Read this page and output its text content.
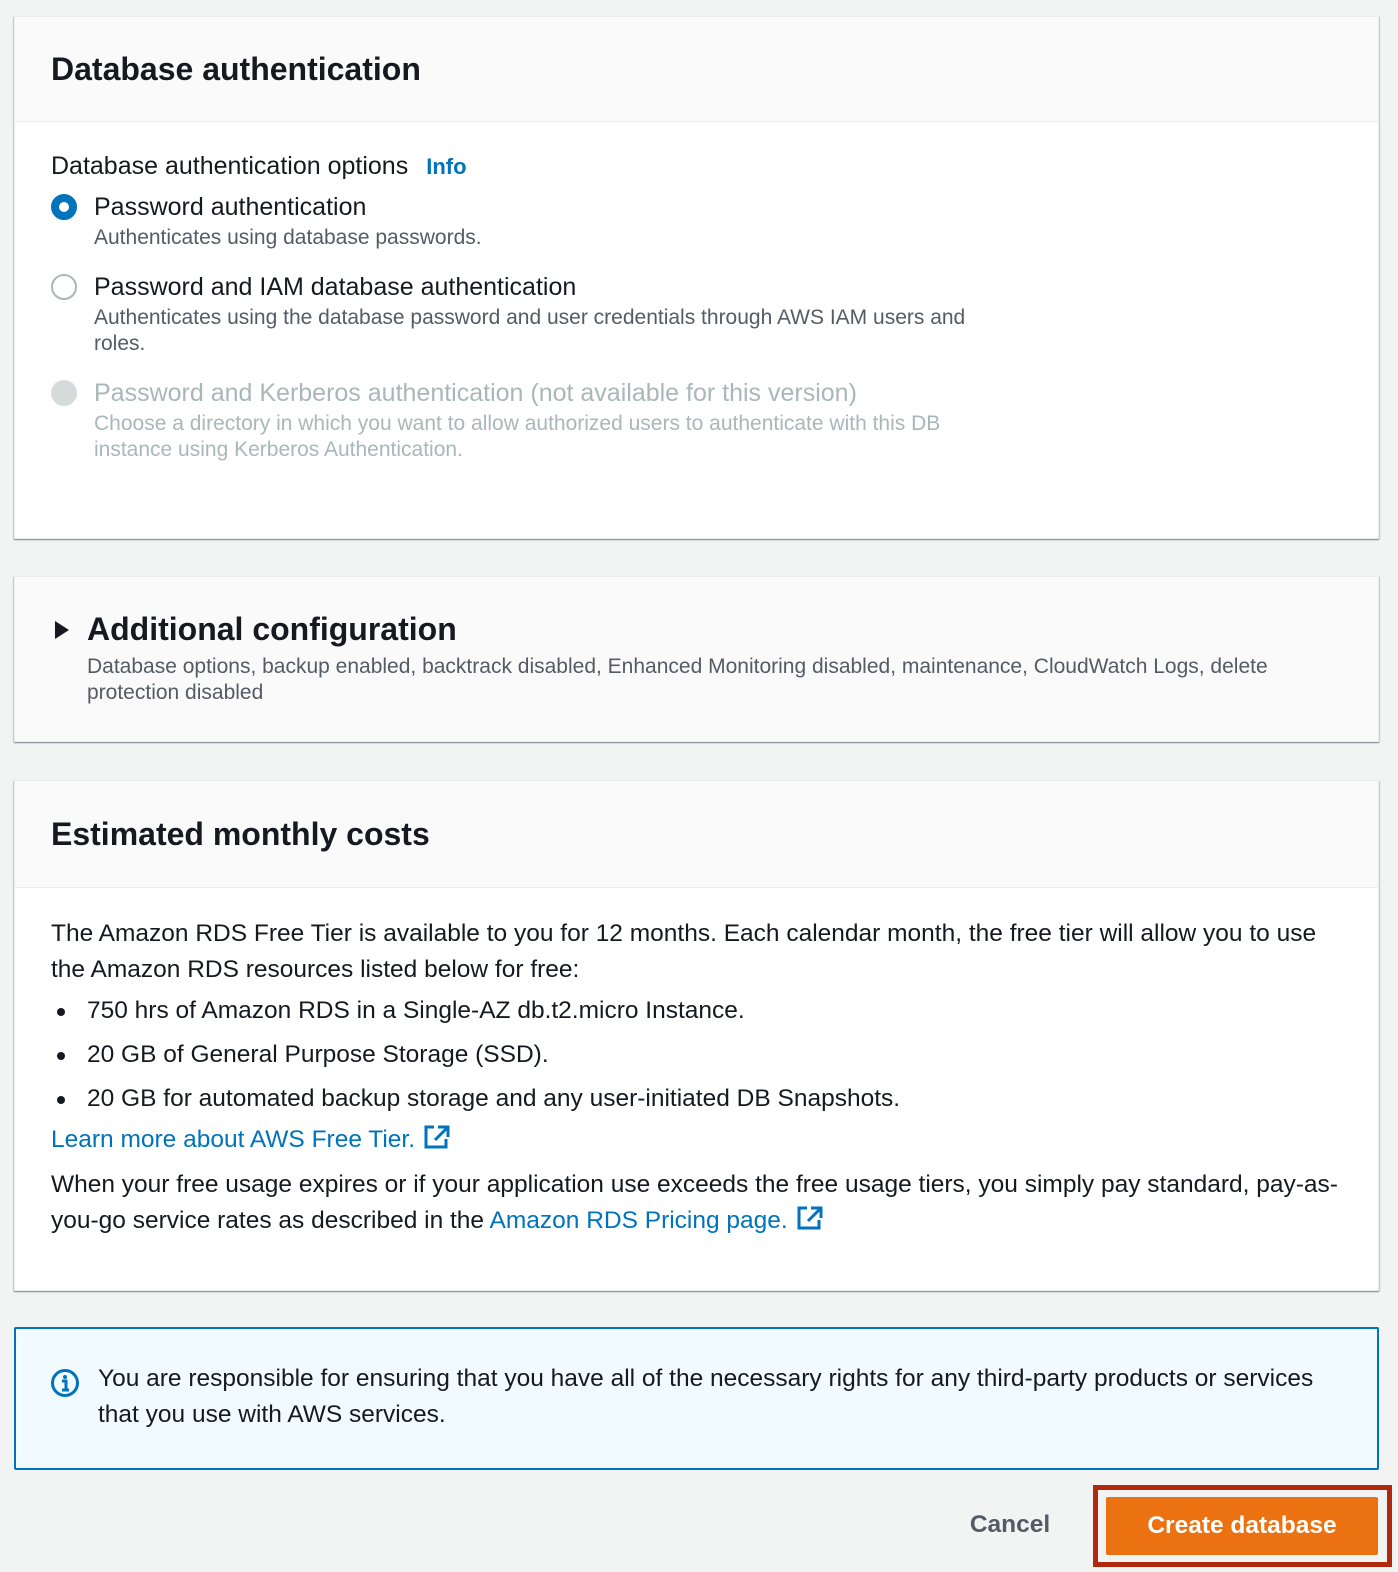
Database authentication
Database authentication options Info
Password authentication
Authenticates using database passwords.
Password and IAM database authentication
Authenticates using the database password and user credentials through AWS IAM users and roles.
Password and Kerberos authentication (not available for this version)
Choose a directory in which you want to allow authorized users to authenticate with this DB instance using Kerberos Authentication.
Additional configuration
Database options, backup enabled, backtrack disabled, Enhanced Monitoring disabled, maintenance, CloudWatch Logs, delete protection disabled
Estimated monthly costs

The Amazon RDS Free Tier is available to you for 12 months. Each calendar month, the free tier will allow you to use the Amazon RDS resources listed below for free:

750 hrs of Amazon RDS in a Single-AZ db.t2.micro Instance.
20 GB of General Purpose Storage (SSD).
20 GB for automated backup storage and any user-initiated DB Snapshots.
Learn more about AWS Free Tier.

When your free usage expires or if your application use exceeds the free usage tiers, you simply pay standard, pay-as-you-go service rates as described in the Amazon RDS Pricing page.

You are responsible for ensuring that you have all of the necessary rights for any third-party products or services that you use with AWS services.
Cancel	Create database
